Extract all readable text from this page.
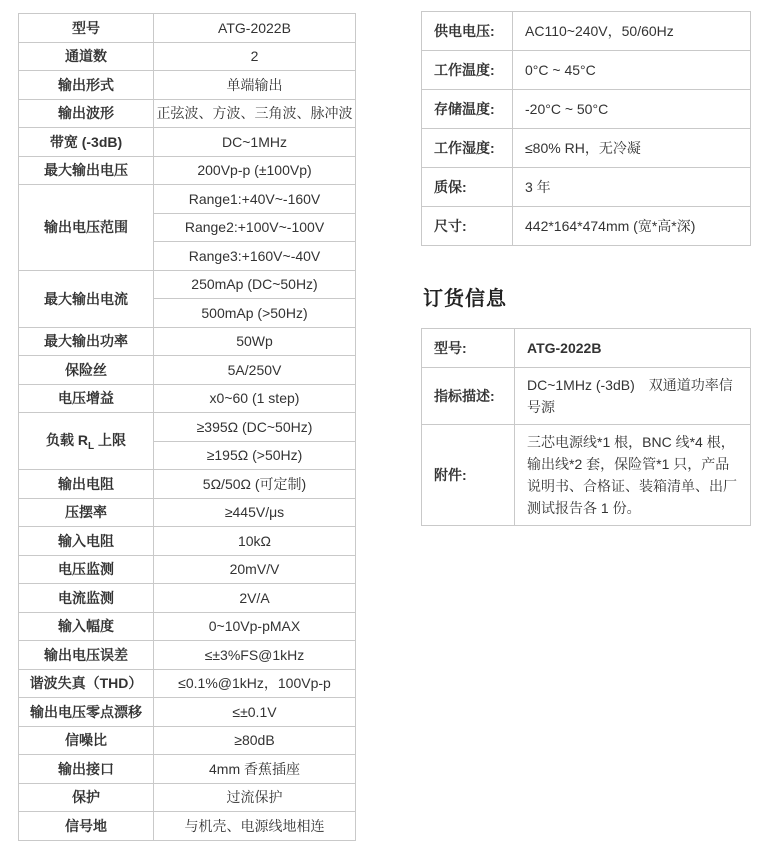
型号	ATG-2022B
通道数	2
输出形式	单端输出
输出波形	正弦波、方波、三角波、脉冲波
带宽 (-3dB)	DC~1MHz
最大输出电压	200Vp-p (±100Vp)
输出电压范围	Range1:+40V~-160V
	Range2:+100V~-100V
	Range3:+160V~-40V
最大输出电流	250mAp (DC~50Hz)
	500mAp (>50Hz)
最大输出功率	50Wp
保险丝	5A/250V
电压增益	x0~60 (1 step)
负载 $R_L$ 上限	≥395Ω (DC~50Hz)
	≥195Ω (>50Hz)
输出电阻	5Ω/50Ω (可定制)
压摆率	≥445V/μs
输入电阻	10kΩ
电压监测	20mV/V
电流监测	2V/A
输入幅度	0~10Vp-pMAX
输出电压误差	≤±3%FS@1kHz
谐波失真（THD）	≤0.1%@1kHz，100Vp-p
输出电压零点漂移	≤±0.1V
信噪比	≥80dB
输出接口	4mm 香蕉插座
保护	过流保护
信号地	与机壳、电源线地相连
供电电压:	AC110~240V，50/60Hz
工作温度:	0°C ~ 45°C
存储温度:	-20°C ~ 50°C
工作湿度:	≤80% RH，无冷凝
质保:	3 年
尺寸:	442*164*474mm (宽*高*深)
订货信息
型号:	ATG-2022B
指标描述:	DC~1MHz (-3dB)　双通道功率信号源
附件:	三芯电源线*1 根，BNC 线*4 根，输出线*2 套，保险管*1 只，产品说明书、合格证、装箱清单、出厂测试报告各 1 份。
